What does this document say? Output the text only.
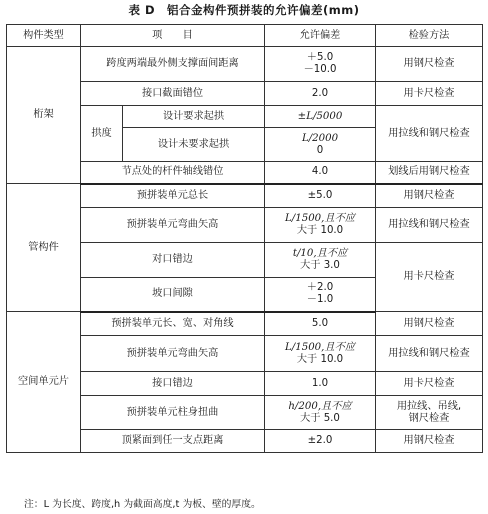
表 D　铝合金构件预拼装的允许偏差(mm)
构件类型	项　　目		允许偏差	检验方法
桁架	跨度两端最外侧支撑面间距离		＋5.0
－10.0	用钢尺检查
	接口截面错位		2.0	用卡尺检查
	拱度	设计要求起拱	±L/5000	用拉线和钢尺检查
		设计未要求起拱	L/2000
0	
	节点处的杆件轴线错位		4.0	划线后用钢尺检查
管构件	预拼装单元总长		±5.0	用钢尺检查
	预拼装单元弯曲矢高		L/1500,且不应
大于 10.0	用拉线和钢尺检查
	对口错边		t/10,且不应
大于 3.0	用卡尺检查
	坡口间隙		＋2.0
－1.0	
空间单元片	预拼装单元长、宽、对角线		5.0	用钢尺检查
	预拼装单元弯曲矢高		L/1500,且不应
大于 10.0	用拉线和钢尺检查
	接口错边		1.0	用卡尺检查
	预拼装单元柱身扭曲		h/200,且不应
大于 5.0	用拉线、吊线,
钢尺检查
	顶紧面到任一支点距离		±2.0	用钢尺检查
注：L 为长度、跨度,h 为截面高度,t 为板、壁的厚度。
